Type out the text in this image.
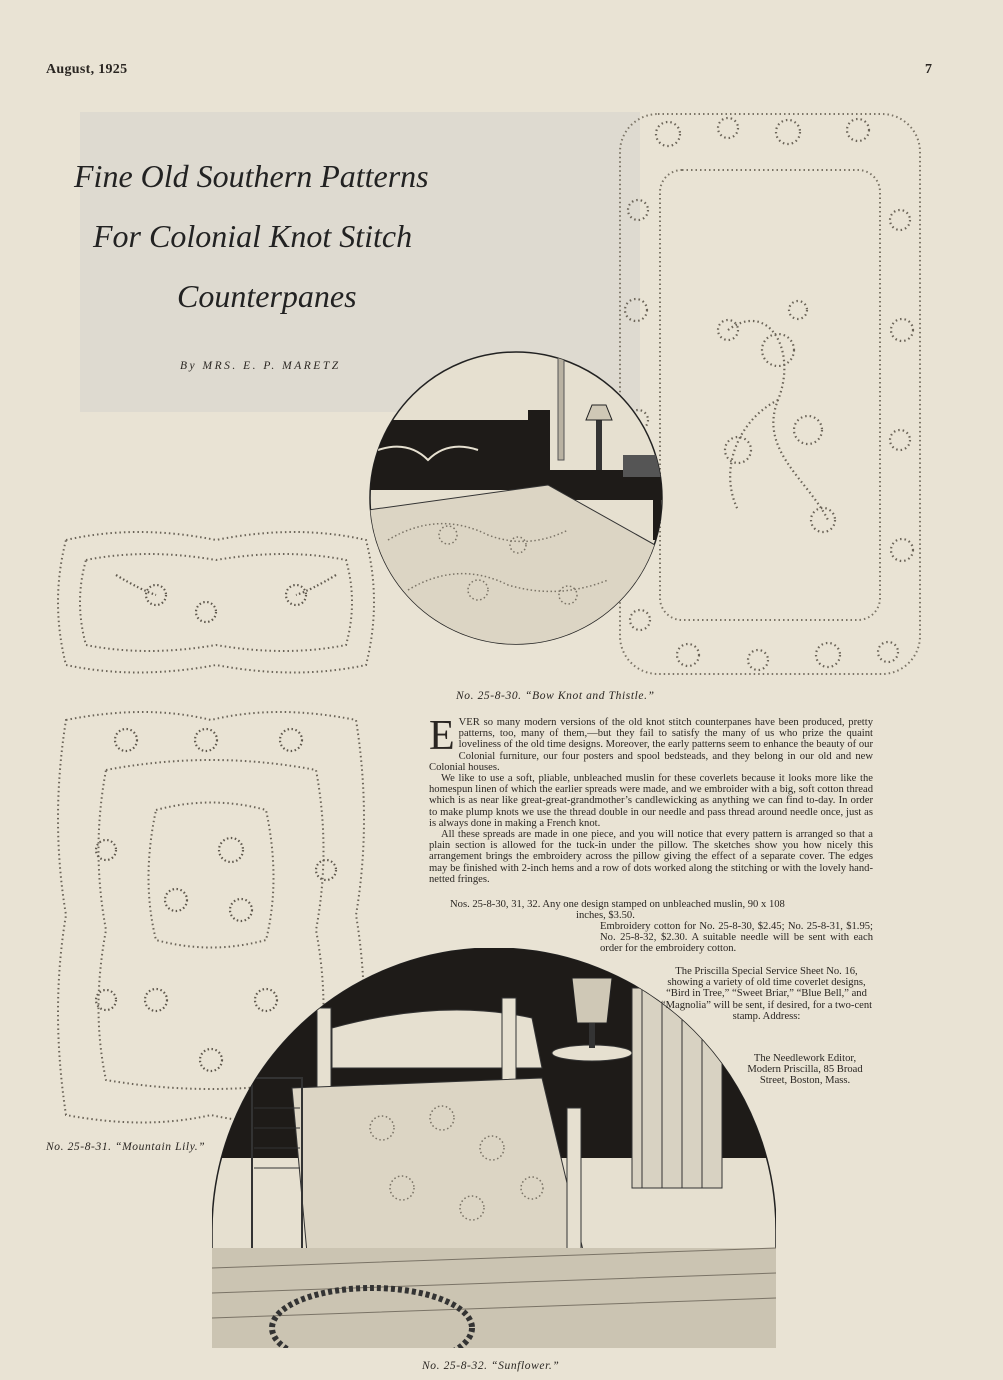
August, 1925	7
Fine Old Southern Patterns
For Colonial Knot Stitch
Counterpanes
By MRS. E. P. MARETZ
No. 25-8-30. “Bow Knot and Thistle.”
No. 25-8-31. “Mountain Lily.”
No. 25-8-32. “Sunflower.”

EVER so many modern versions of the old knot stitch counterpanes have been produced, pretty patterns, too, many of them,—but they fail to satisfy the many of us who prize the quaint loveliness of the old time designs. Moreover, the early patterns seem to enhance the beauty of our Colonial furniture, our four posters and spool bedsteads, and they belong in our old and new Colonial houses.

We like to use a soft, pliable, unbleached muslin for these coverlets because it looks more like the homespun linen of which the earlier spreads were made, and we embroider with a big, soft cotton thread which is as near like great-great-grandmother’s candlewicking as anything we can find to-day. In order to make plump knots we use the thread double in our needle and pass thread around needle once, just as is always done in making a French knot.

All these spreads are made in one piece, and you will notice that every pattern is arranged so that a plain section is allowed for the tuck-in under the pillow. The sketches show you how nicely this arrangement brings the embroidery across the pillow giving the effect of a separate cover. The edges may be finished with 2-inch hems and a row of dots worked along the stitching or with the lovely hand-netted fringes.

Nos. 25-8-30, 31, 32. Any one design stamped on unbleached muslin, 90 x 108
inches, $3.50.
Embroidery cotton for No. 25-8-30, $2.45; No. 25-8-31, $1.95; No. 25-8-32, $2.30. A suitable needle will be sent with each order for the embroidery cotton.
The Priscilla Special Service Sheet No. 16, showing a variety of old time coverlet designs, “Bird in Tree,” “Sweet Briar,” “Blue Bell,” and “Magnolia” will be sent, if desired, for a two-cent stamp. Address:
The Needlework Editor, Modern Priscilla, 85 Broad Street, Boston, Mass.
